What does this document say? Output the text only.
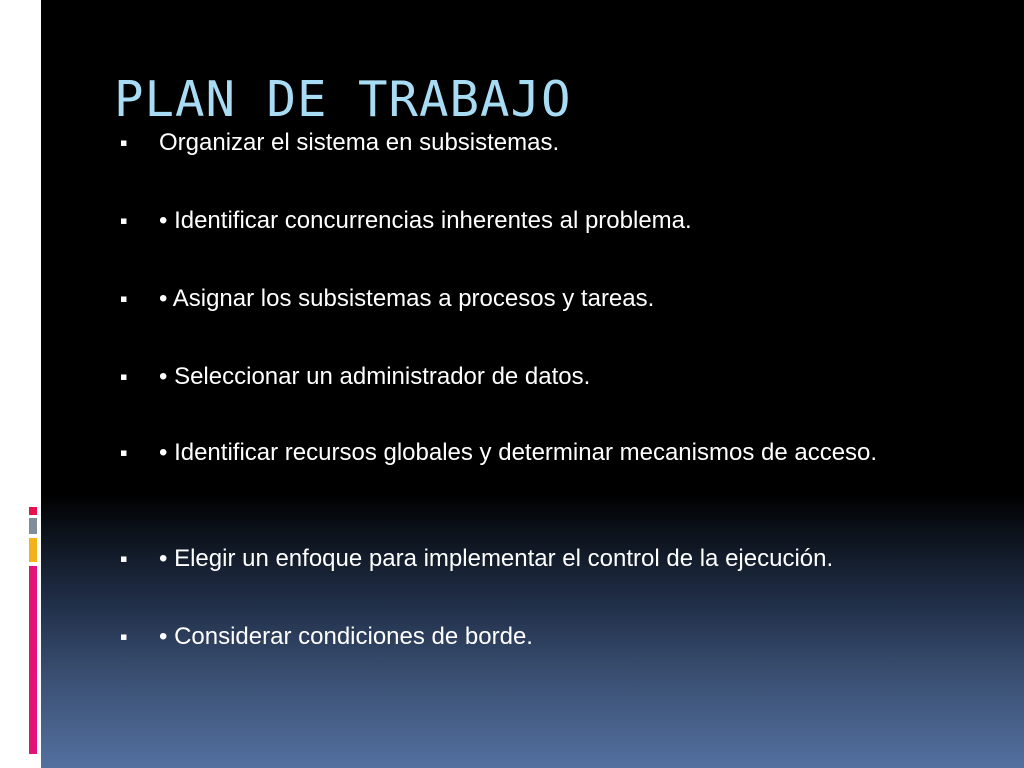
PLAN DE TRABAJO
▪	Organizar el sistema en subsistemas.
▪	• Identificar concurrencias inherentes al problema.
▪	• Asignar los subsistemas a procesos y tareas.
▪	• Seleccionar un administrador de datos.
▪	• Identificar recursos globales y determinar mecanismos de acceso.
▪	• Elegir un enfoque para implementar el control de la ejecución.
▪	• Considerar condiciones de borde.
